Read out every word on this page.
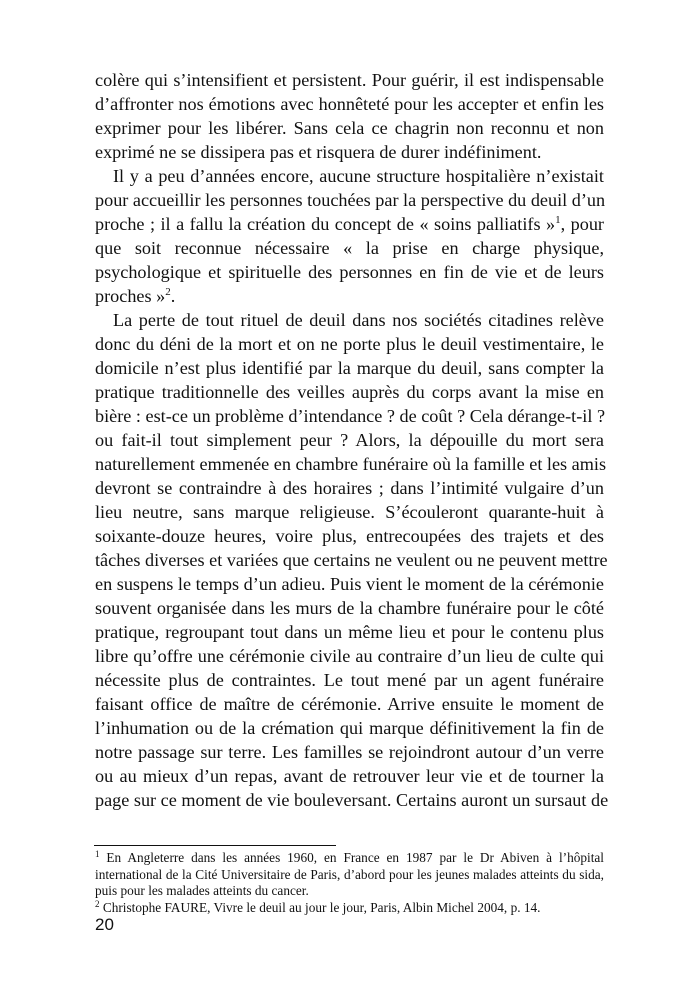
colère qui s’intensifient et persistent. Pour guérir, il est indispensable
d’affronter nos émotions avec honnêteté pour les accepter et enfin les
exprimer pour les libérer. Sans cela ce chagrin non reconnu et non
exprimé ne se dissipera pas et risquera de durer indéfiniment.
Il y a peu d’années encore, aucune structure hospitalière n’existait
pour accueillir les personnes touchées par la perspective du deuil d’un
proche ; il a fallu la création du concept de « soins palliatifs »$^1$, pour
que soit reconnue nécessaire « la prise en charge physique,
psychologique et spirituelle des personnes en fin de vie et de leurs
proches »$^2$.
La perte de tout rituel de deuil dans nos sociétés citadines relève
donc du déni de la mort et on ne porte plus le deuil vestimentaire, le
domicile n’est plus identifié par la marque du deuil, sans compter la
pratique traditionnelle des veilles auprès du corps avant la mise en
bière : est-ce un problème d’intendance ? de coût ? Cela dérange-t-il ?
ou fait-il tout simplement peur ? Alors, la dépouille du mort sera
naturellement emmenée en chambre funéraire où la famille et les amis
devront se contraindre à des horaires ; dans l’intimité vulgaire d’un
lieu neutre, sans marque religieuse. S’écouleront quarante-huit à
soixante-douze heures, voire plus, entrecoupées des trajets et des
tâches diverses et variées que certains ne veulent ou ne peuvent mettre
en suspens le temps d’un adieu. Puis vient le moment de la cérémonie
souvent organisée dans les murs de la chambre funéraire pour le côté
pratique, regroupant tout dans un même lieu et pour le contenu plus
libre qu’offre une cérémonie civile au contraire d’un lieu de culte qui
nécessite plus de contraintes. Le tout mené par un agent funéraire
faisant office de maître de cérémonie. Arrive ensuite le moment de
l’inhumation ou de la crémation qui marque définitivement la fin de
notre passage sur terre. Les familles se rejoindront autour d’un verre
ou au mieux d’un repas, avant de retrouver leur vie et de tourner la
page sur ce moment de vie bouleversant. Certains auront un sursaut de
$^1$ En Angleterre dans les années 1960, en France en 1987 par le Dr Abiven à l’hôpital
international de la Cité Universitaire de Paris, d’abord pour les jeunes malades atteints du sida,
puis pour les malades atteints du cancer.
$^2$ Christophe FAURE, Vivre le deuil au jour le jour, Paris, Albin Michel 2004, p. 14.
20
